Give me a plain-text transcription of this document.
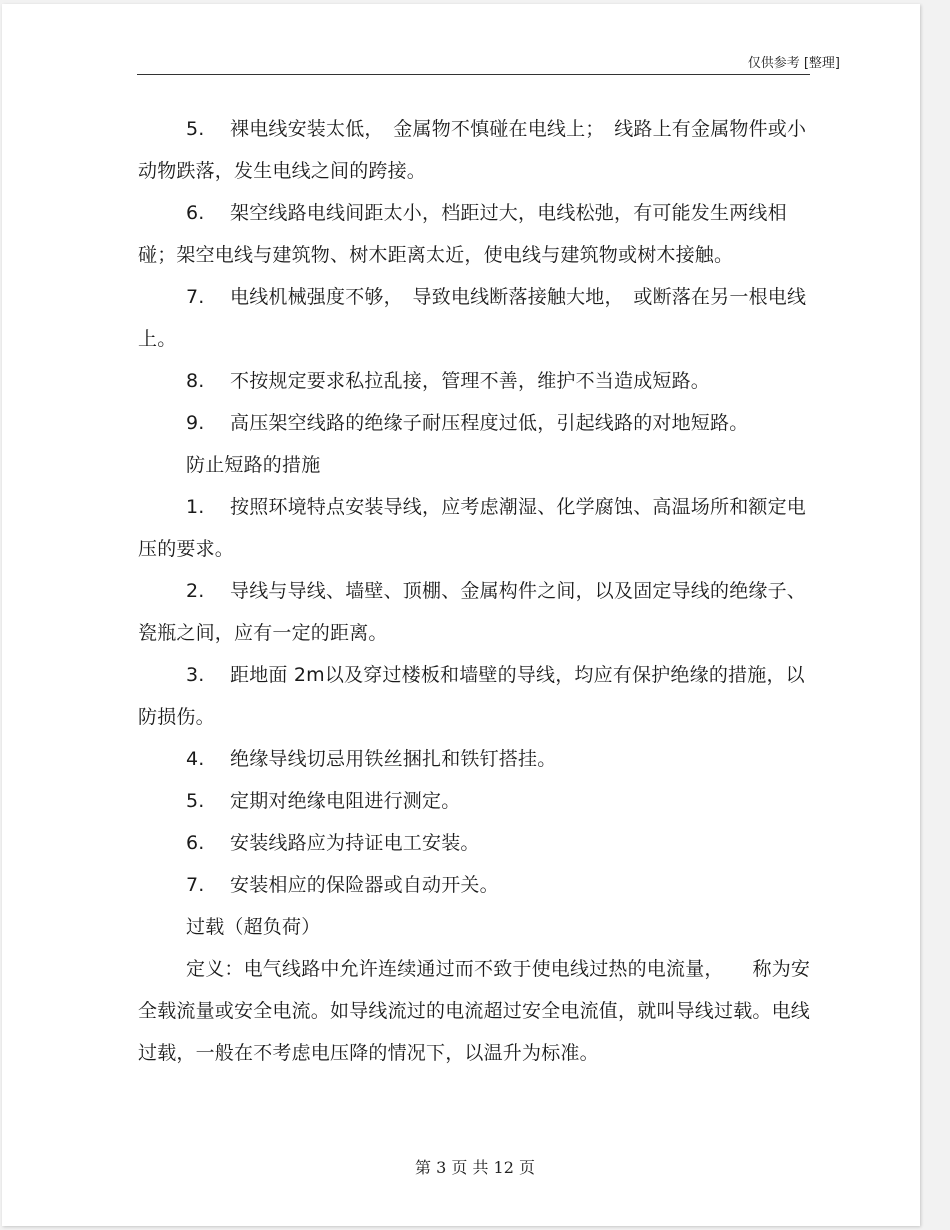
仅供参考 [整理]

5. 裸电线安装太低，　金属物不慎碰在电线上；　线路上有金属物件或小动物跌落，发生电线之间的跨接。

6. 架空线路电线间距太小，档距过大，电线松弛，有可能发生两线相碰；架空电线与建筑物、树木距离太近，使电线与建筑物或树木接触。

7. 电线机械强度不够，　导致电线断落接触大地，　或断落在另一根电线上。

8. 不按规定要求私拉乱接，管理不善，维护不当造成短路。

9. 高压架空线路的绝缘子耐压程度过低，引起线路的对地短路。

防止短路的措施

1. 按照环境特点安装导线，应考虑潮湿、化学腐蚀、高温场所和额定电压的要求。

2. 导线与导线、墙壁、顶棚、金属构件之间，以及固定导线的绝缘子、瓷瓶之间，应有一定的距离。

3. 距地面 2m以及穿过楼板和墙壁的导线，均应有保护绝缘的措施，以防损伤。

4. 绝缘导线切忌用铁丝捆扎和铁钉搭挂。

5. 定期对绝缘电阻进行测定。

6. 安装线路应为持证电工安装。

7. 安装相应的保险器或自动开关。

过载（超负荷）

定义：电气线路中允许连续通过而不致于使电线过热的电流量，　　称为安全载流量或安全电流。如导线流过的电流超过安全电流值，就叫导线过载。电线过载，一般在不考虑电压降的情况下，以温升为标准。

第 3 页 共 12 页
